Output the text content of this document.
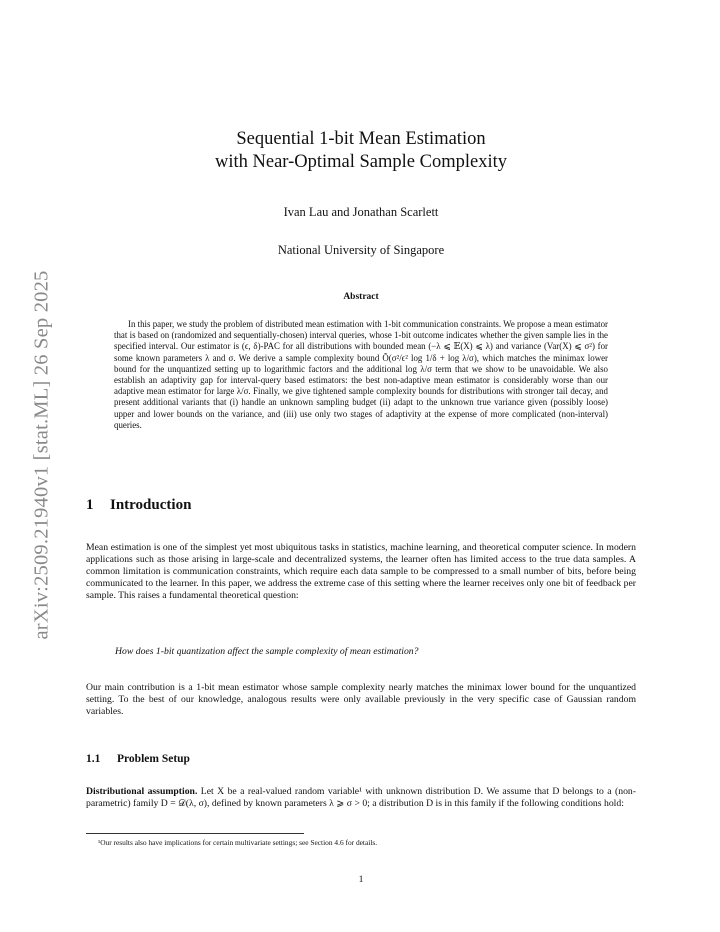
arXiv:2509.21940v1 [stat.ML] 26 Sep 2025
Sequential 1-bit Mean Estimation
with Near-Optimal Sample Complexity
Ivan Lau and Jonathan Scarlett
National University of Singapore
Abstract
In this paper, we study the problem of distributed mean estimation with 1-bit communication constraints. We propose a mean estimator that is based on (randomized and sequentially-chosen) interval queries, whose 1-bit outcome indicates whether the given sample lies in the specified interval. Our estimator is (ϵ, δ)-PAC for all distributions with bounded mean (−λ ⩽ 𝔼(X) ⩽ λ) and variance (Var(X) ⩽ σ²) for some known parameters λ and σ. We derive a sample complexity bound Õ(σ²/ϵ² log 1/δ + log λ/σ), which matches the minimax lower bound for the unquantized setting up to logarithmic factors and the additional log λ/σ term that we show to be unavoidable. We also establish an adaptivity gap for interval-query based estimators: the best non-adaptive mean estimator is considerably worse than our adaptive mean estimator for large λ/σ. Finally, we give tightened sample complexity bounds for distributions with stronger tail decay, and present additional variants that (i) handle an unknown sampling budget (ii) adapt to the unknown true variance given (possibly loose) upper and lower bounds on the variance, and (iii) use only two stages of adaptivity at the expense of more complicated (non-interval) queries.
1 Introduction
Mean estimation is one of the simplest yet most ubiquitous tasks in statistics, machine learning, and theoretical computer science. In modern applications such as those arising in large-scale and decentralized systems, the learner often has limited access to the true data samples. A common limitation is communication constraints, which require each data sample to be compressed to a small number of bits, before being communicated to the learner. In this paper, we address the extreme case of this setting where the learner receives only one bit of feedback per sample. This raises a fundamental theoretical question:
How does 1-bit quantization affect the sample complexity of mean estimation?
Our main contribution is a 1-bit mean estimator whose sample complexity nearly matches the minimax lower bound for the unquantized setting. To the best of our knowledge, analogous results were only available previously in the very specific case of Gaussian random variables.
1.1 Problem Setup
Distributional assumption. Let X be a real-valued random variable¹ with unknown distribution D. We assume that D belongs to a (non-parametric) family D = 𝒟(λ, σ), defined by known parameters λ ⩾ σ > 0; a distribution D is in this family if the following conditions hold:
¹Our results also have implications for certain multivariate settings; see Section 4.6 for details.
1
